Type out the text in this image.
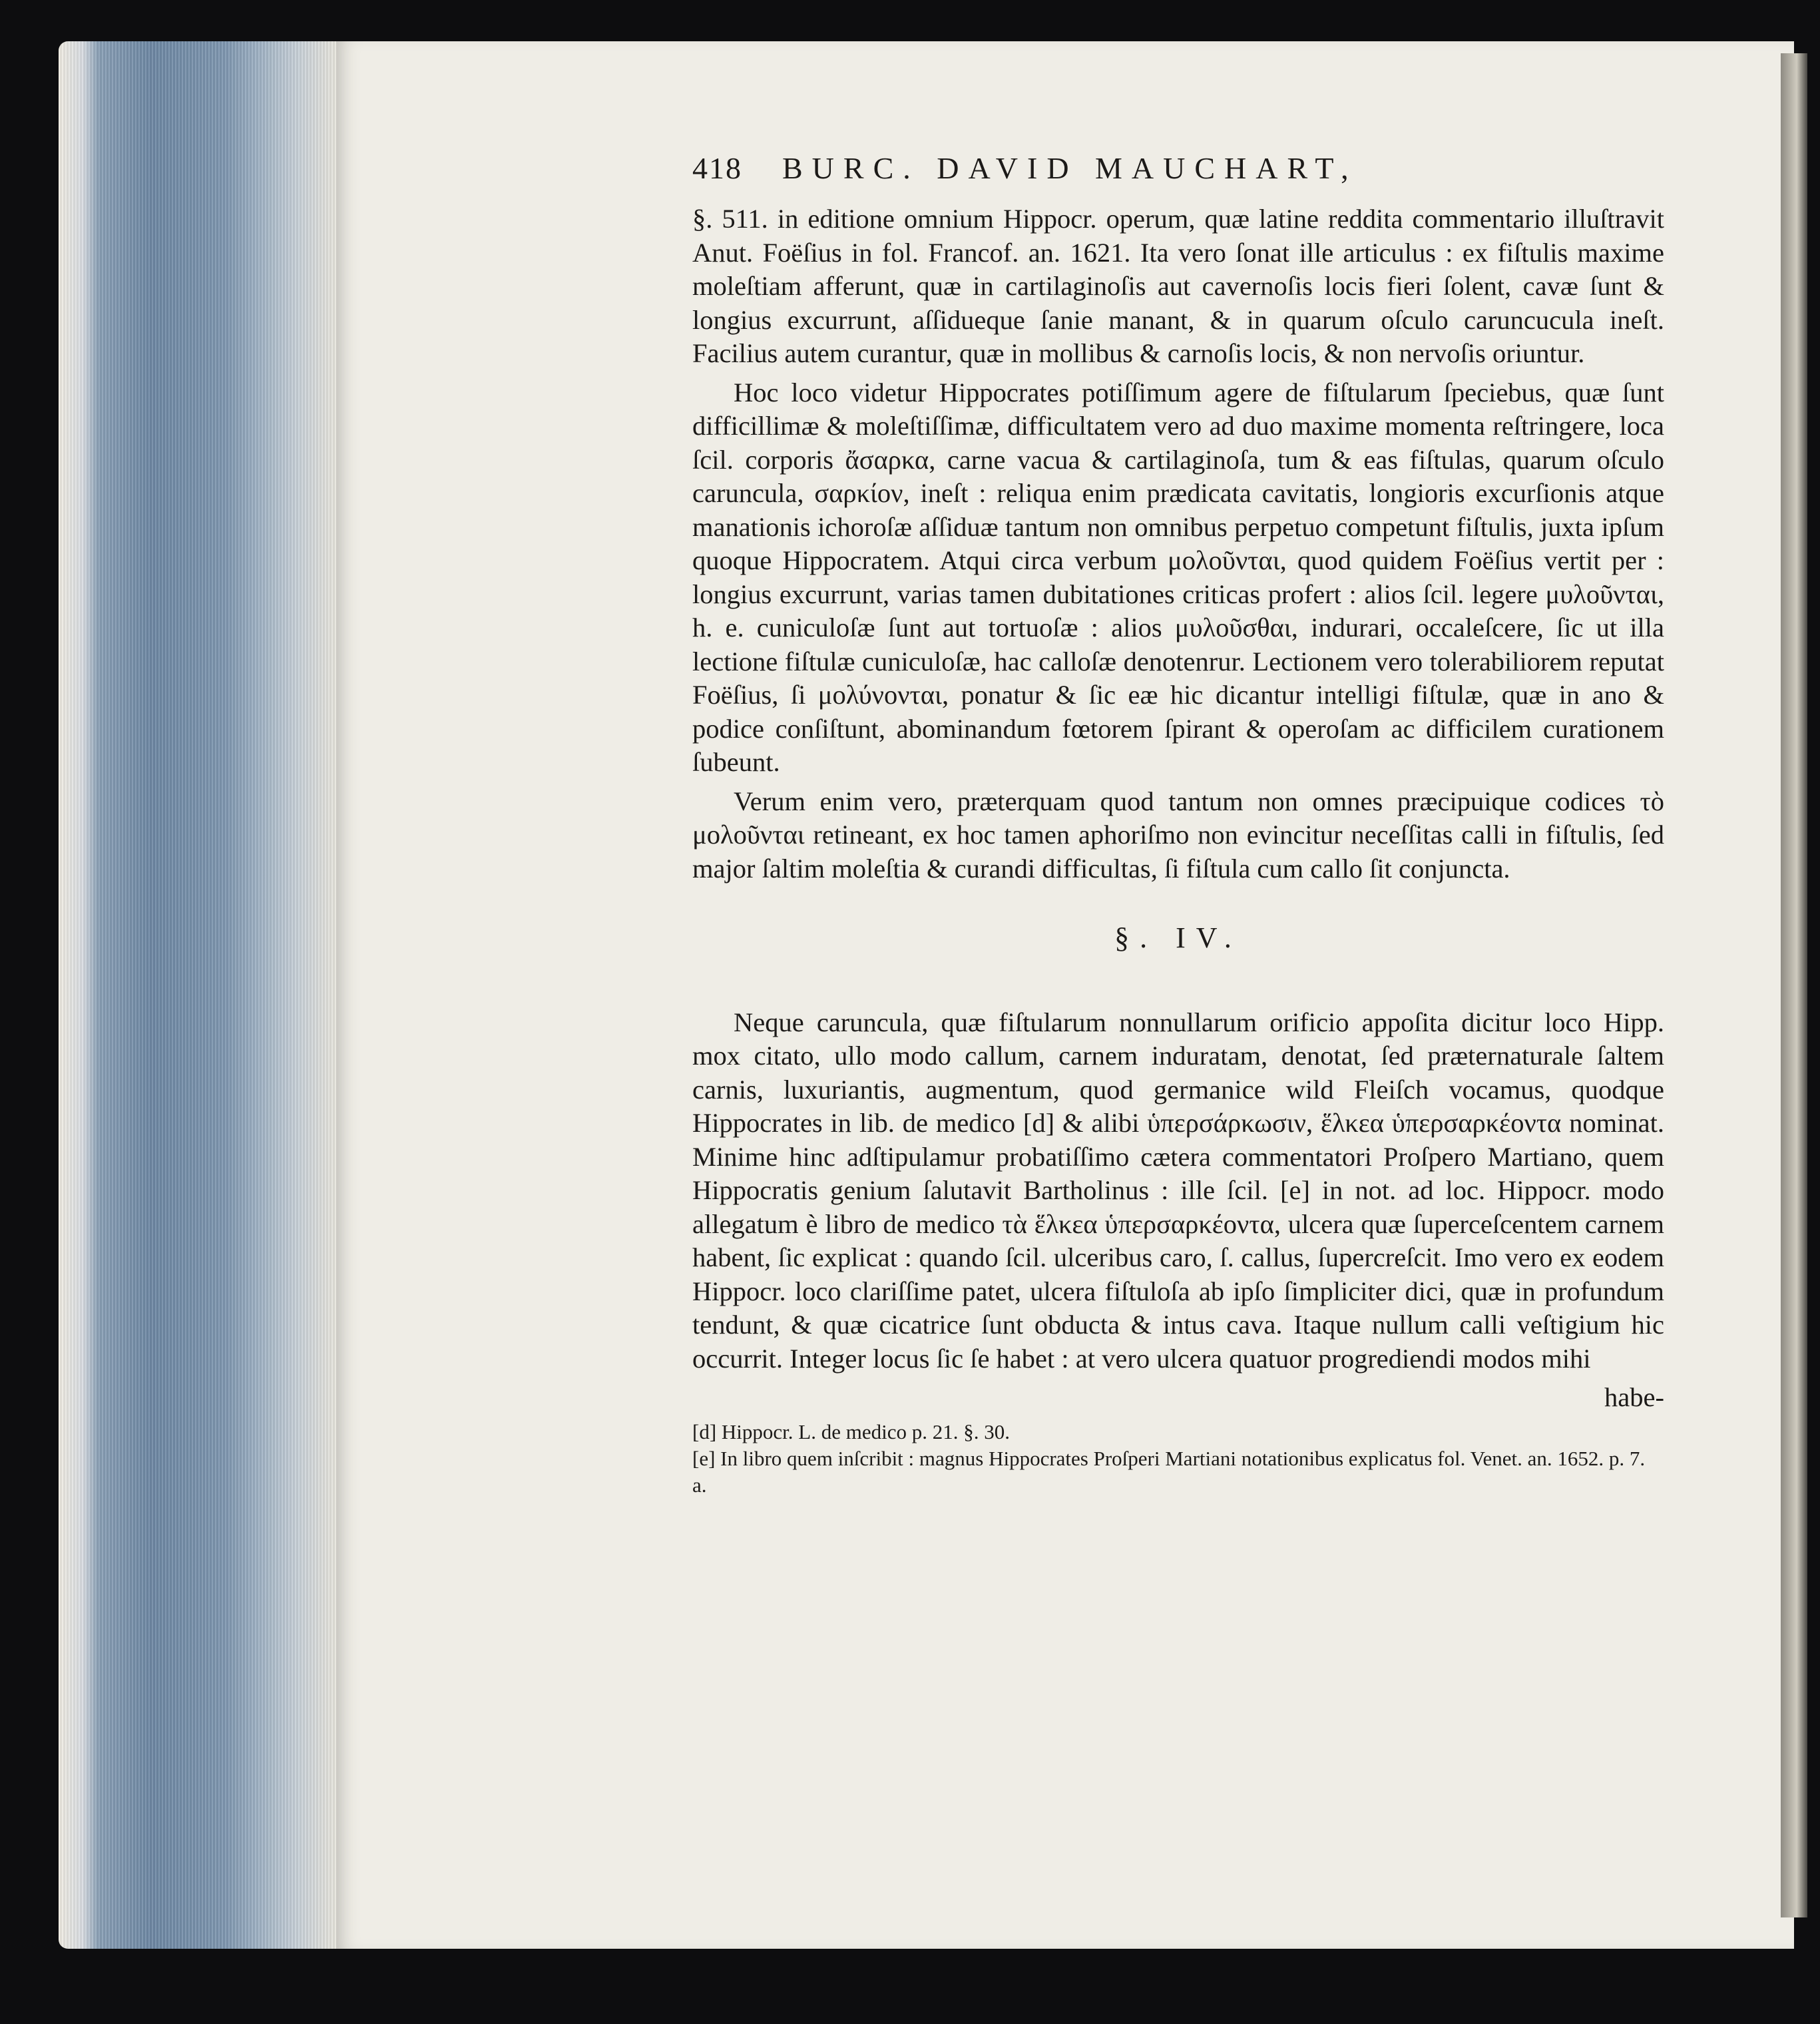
418 BURC. DAVID MAUCHART,

§. 511. in editione omnium Hippocr. operum, quæ latine reddita commentario illuſtravit Anut. Foëſius in fol. Francof. an. 1621. Ita vero ſonat ille articulus : ex fiſtulis maxime moleſtiam afferunt, quæ in cartilaginoſis aut cavernoſis locis fieri ſolent, cavæ ſunt & longius excurrunt, aſſidueque ſanie manant, & in quarum oſculo caruncucula ineſt. Facilius autem curantur, quæ in mollibus & carnoſis locis, & non nervoſis oriuntur.

Hoc loco videtur Hippocrates potiſſimum agere de fiſtularum ſpeciebus, quæ ſunt difficillimæ & moleſtiſſimæ, difficultatem vero ad duo maxime momenta reſtringere, loca ſcil. corporis ἄσαρκα, carne vacua & cartilaginoſa, tum & eas fiſtulas, quarum oſculo caruncula, σαρκίον, ineſt : reliqua enim prædicata cavitatis, longioris excurſionis atque manationis ichoroſæ aſſiduæ tantum non omnibus perpetuo competunt fiſtulis, juxta ipſum quoque Hippocratem. Atqui circa verbum μολοῦνται, quod quidem Foëſius vertit per : longius excurrunt, varias tamen dubitationes criticas profert : alios ſcil. legere μυλοῦνται, h. e. cuniculoſæ ſunt aut tortuoſæ : alios μυλοῦσθαι, indurari, occaleſcere, ſic ut illa lectione fiſtulæ cuniculoſæ, hac calloſæ denotenrur. Lectionem vero tolerabiliorem reputat Foëſius, ſi μολύνονται, ponatur & ſic eæ hic dicantur intelligi fiſtulæ, quæ in ano & podice conſiſtunt, abominandum fœtorem ſpirant & operoſam ac difficilem curationem ſubeunt.

Verum enim vero, præterquam quod tantum non omnes præcipuique codices τὸ μολοῦνται retineant, ex hoc tamen aphoriſmo non evincitur neceſſitas calli in fiſtulis, ſed major ſaltim moleſtia & curandi difficultas, ſi fiſtula cum callo ſit conjuncta.

§. IV.

Neque caruncula, quæ fiſtularum nonnullarum orificio appoſita dicitur loco Hipp. mox citato, ullo modo callum, carnem induratam, denotat, ſed præternaturale ſaltem carnis, luxuriantis, augmentum, quod germanice wild Fleiſch vocamus, quodque Hippocrates in lib. de medico [d] & alibi ὑπερσάρκωσιν, ἕλκεα ὑπερσαρκέοντα nominat. Minime hinc adſtipulamur probatiſſimo cætera commentatori Proſpero Martiano, quem Hippocratis genium ſalutavit Bartholinus : ille ſcil. [e] in not. ad loc. Hippocr. modo allegatum è libro de medico τὰ ἕλκεα ὑπερσαρκέοντα, ulcera quæ ſuperceſcentem carnem habent, ſic explicat : quando ſcil. ulceribus caro, ſ. callus, ſupercreſcit. Imo vero ex eodem Hippocr. loco clariſſime patet, ulcera fiſtuloſa ab ipſo ſimpliciter dici, quæ in profundum tendunt, & quæ cicatrice ſunt obducta & intus cava. Itaque nullum calli veſtigium hic occurrit. Integer locus ſic ſe habet : at vero ulcera quatuor progrediendi modos mihi

habe-

[d] Hippocr. L. de medico p. 21. §. 30.

[e] In libro quem inſcribit : magnus Hippocrates Proſperi Martiani notationibus explicatus fol. Venet. an. 1652. p. 7. a.
